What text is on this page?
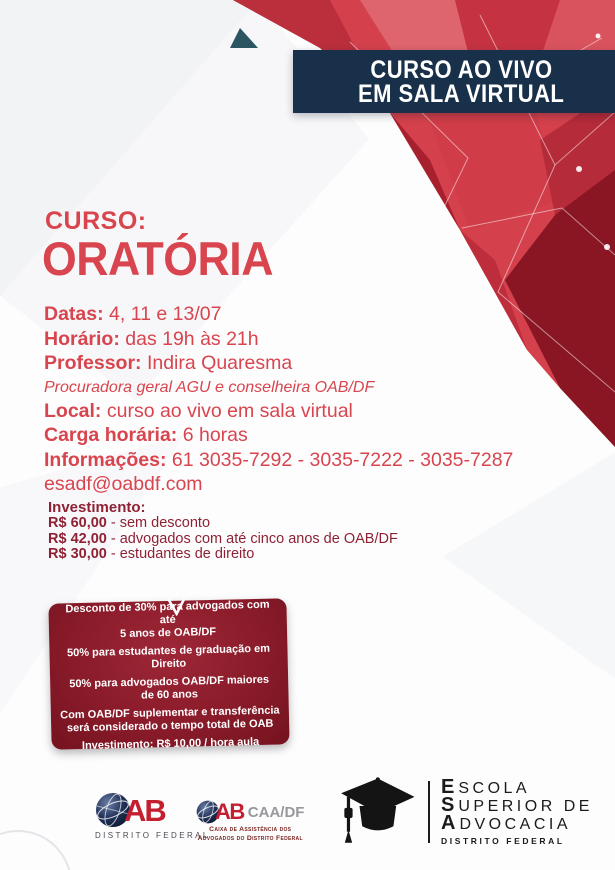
CURSO AO VIVO
EM SALA VIRTUAL
CURSO:
ORATÓRIA
Datas: 4, 11 e 13/07
Horário: das 19h às 21h
Professor: Indira Quaresma
Procuradora geral AGU e conselheira OAB/DF
Local: curso ao vivo em sala virtual
Carga horária: 6 horas
Informações: 61 3035-7292 - 3035-7222 - 3035-7287
esadf@oabdf.com
Investimento:
R$ 60,00 - sem desconto
R$ 42,00 - advogados com até cinco anos de OAB/DF
R$ 30,00 - estudantes de direito

Desconto de 30% para advogados com até
5 anos de OAB/DF

50% para estudantes de graduação em Direito

50% para advogados OAB/DF maiores
de 60 anos

Com OAB/DF suplementar e transferência
será considerado o tempo total de OAB

Investimento: R$ 10,00 / hora aula

AB
DISTRITO FEDERAL
AB CAA/DF
Caixa de Assistência dos
Advogados do Distrito Federal
ESCOLA
SUPERIOR DE
ADVOCACIA
DISTRITO FEDERAL
